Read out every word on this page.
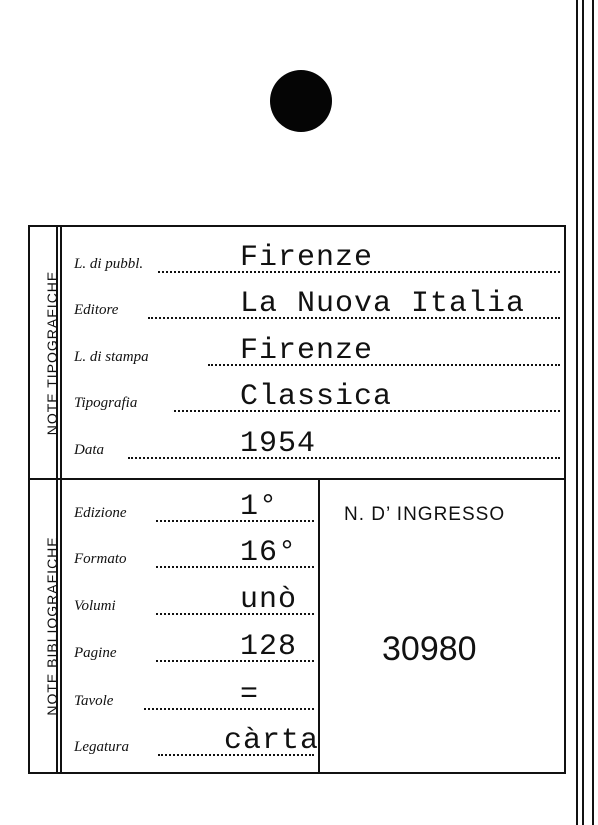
NOTE TIPOGRAFICHE
L. di pubbl.	Firenze
Editore	La Nuova Italia
L. di stampa	Firenze
Tipografia	Classica
Data	1954
NOTE BIBLIOGRAFICHE
Edizione	1°
Formato	16°
Volumi	unò
Pagine	128
Tavole	=
Legatura	càrta
N. D’ INGRESSO
30980
